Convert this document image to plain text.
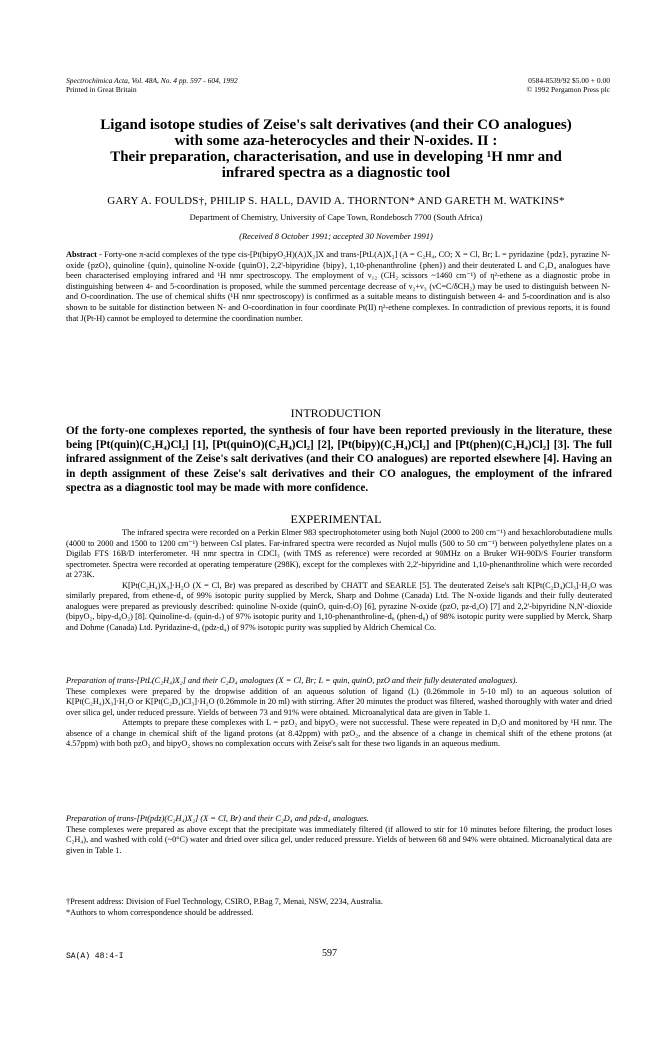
Spectrochimica Acta, Vol. 48A, No. 4 pp. 597 - 604, 1992
Printed in Great Britain
0584-8539/92 $5.00 + 0.00
© 1992 Pergamon Press plc
Ligand isotope studies of Zeise's salt derivatives (and their CO analogues)
with some aza-heterocycles and their N-oxides. II :
Their preparation, characterisation, and use in developing ¹H nmr and
infrared spectra as a diagnostic tool
GARY A. FOULDS†, PHILIP S. HALL, DAVID A. THORNTON* AND GARETH M. WATKINS*
Department of Chemistry, University of Cape Town, Rondebosch 7700 (South Africa)
(Received 8 October 1991; accepted 30 November 1991)
Abstract - Forty-one π-acid complexes of the type cis-[Pt(bipyO₂H)(A)X₂]X and trans-[PtL(A)X₂] (A = C₂H₄, CO; X = Cl, Br; L = pyridazine {pdz}, pyrazine N-oxide {pzO}, quinoline {quin}, quinoline N-oxide {quinO}, 2,2'-bipyridine {bipy}, 1,10-phenanthroline {phen}) and their deuterated L and C₂D₄ analogues have been characterised employing infrared and ¹H nmr spectroscopy. The employment of ν₁₂ (CH₂ scissors ~1460 cm⁻¹) of η²-ethene as a diagnostic probe in distinguishing between 4- and 5-coordination is proposed, while the summed percentage decrease of ν₂+ν₃ (νC=C/δCH₂) may be used to distinguish between N- and O-coordination. The use of chemical shifts (¹H nmr spectroscopy) is confirmed as a suitable means to distinguish between 4- and 5-coordination and is also shown to be suitable for distinction between N- and O-coordination in four coordinate Pt(II) η²-ethene complexes. In contradiction of previous reports, it is found that J(Pt-H) cannot be employed to determine the coordination number.
INTRODUCTION
Of the forty-one complexes reported, the synthesis of four have been reported previously in the literature, these being [Pt(quin)(C₂H₄)Cl₂] [1], [Pt(quinO)(C₂H₄)Cl₂] [2], [Pt(bipy)(C₂H₄)Cl₂] and [Pt(phen)(C₂H₄)Cl₂] [3]. The full infrared assignment of the Zeise's salt derivatives (and their CO analogues) are reported elsewhere [4]. Having an in depth assignment of these Zeise's salt derivatives and their CO analogues, the employment of the infrared spectra as a diagnostic tool may be made with more confidence.
EXPERIMENTAL

The infrared spectra were recorded on a Perkin Elmer 983 spectrophotometer using both Nujol (2000 to 200 cm⁻¹) and hexachlorobutadiene mulls (4000 to 2000 and 1500 to 1200 cm⁻¹) between CsI plates. Far-infrared spectra were recorded as Nujol mulls (500 to 50 cm⁻¹) between polyethylene plates on a Digilab FTS 16B/D interferometer. ¹H nmr spectra in CDCl₃ (with TMS as reference) were recorded at 90MHz on a Bruker WH-90D/S Fourier transform spectrometer. Spectra were recorded at operating temperature (298K), except for the complexes with 2,2'-bipyridine and 1,10-phenanthroline which were recorded at 273K.

K[Pt(C₂H₄)X₃]·H₂O (X = Cl, Br) was prepared as described by CHATT and SEARLE [5]. The deuterated Zeise's salt K[Pt(C₂D₄)Cl₃]·H₂O was similarly prepared, from ethene-d₄ of 99% isotopic purity supplied by Merck, Sharp and Dohme (Canada) Ltd. The N-oxide ligands and their fully deuterated analogues were prepared as previously described: quinoline N-oxide (quinO, quin-d₇O) [6], pyrazine N-oxide (pzO, pz-d₄O) [7] and 2,2'-bipyridine N,N'-dioxide (bipyO₂, bipy-d₈O₂) [8]. Quinoline-d₇ (quin-d₇) of 97% isotopic purity and 1,10-phenanthroline-d₈ (phen-d₈) of 98% isotopic purity were supplied by Merck, Sharp and Dohme (Canada) Ltd. Pyridazine-d₄ (pdz-d₄) of 97% isotopic purity was supplied by Aldrich Chemical Co.

Preparation of trans-[PtL(C₂H₄)X₂] and their C₂D₄ analogues (X = Cl, Br; L = quin, quinO, pzO and their fully deuterated analogues).

These complexes were prepared by the dropwise addition of an aqueous solution of ligand (L) (0.26mmole in 5-10 ml) to an aqueous solution of K[Pt(C₂H₄)X₃]·H₂O or K[Pt(C₂D₄)Cl₃]·H₂O (0.26mmole in 20 ml) with stirring. After 20 minutes the product was filtered, washed thoroughly with water and dried over silica gel, under reduced pressure. Yields of between 73 and 91% were obtained. Microanalytical data are given in Table 1.

Attempts to prepare these complexes with L = pzO₂ and bipyO₂ were not successful. These were repeated in D₂O and monitored by ¹H nmr. The absence of a change in chemical shift of the ligand protons (at 8.42ppm) with pzO₂, and the absence of a change in chemical shift of the ethene protons (at 4.57ppm) with both pzO₂ and bipyO₂ shows no complexation occurs with Zeise's salt for these two ligands in an aqueous medium.

Preparation of trans-[Pt(pdz)(C₂H₄)X₂] (X = Cl, Br) and their C₂D₄ and pdz-d₄ analogues.

These complexes were prepared as above except that the precipitate was immediately filtered (if allowed to stir for 10 minutes before filtering, the product loses C₂H₄), and washed with cold (~0°C) water and dried over silica gel, under reduced pressure. Yields of between 68 and 94% were obtained. Microanalytical data are given in Table 1.

†Present address: Division of Fuel Technology, CSIRO, P.Bag 7, Menai, NSW, 2234, Australia.
*Authors to whom correspondence should be addressed.
SA(A) 48:4-I	597
